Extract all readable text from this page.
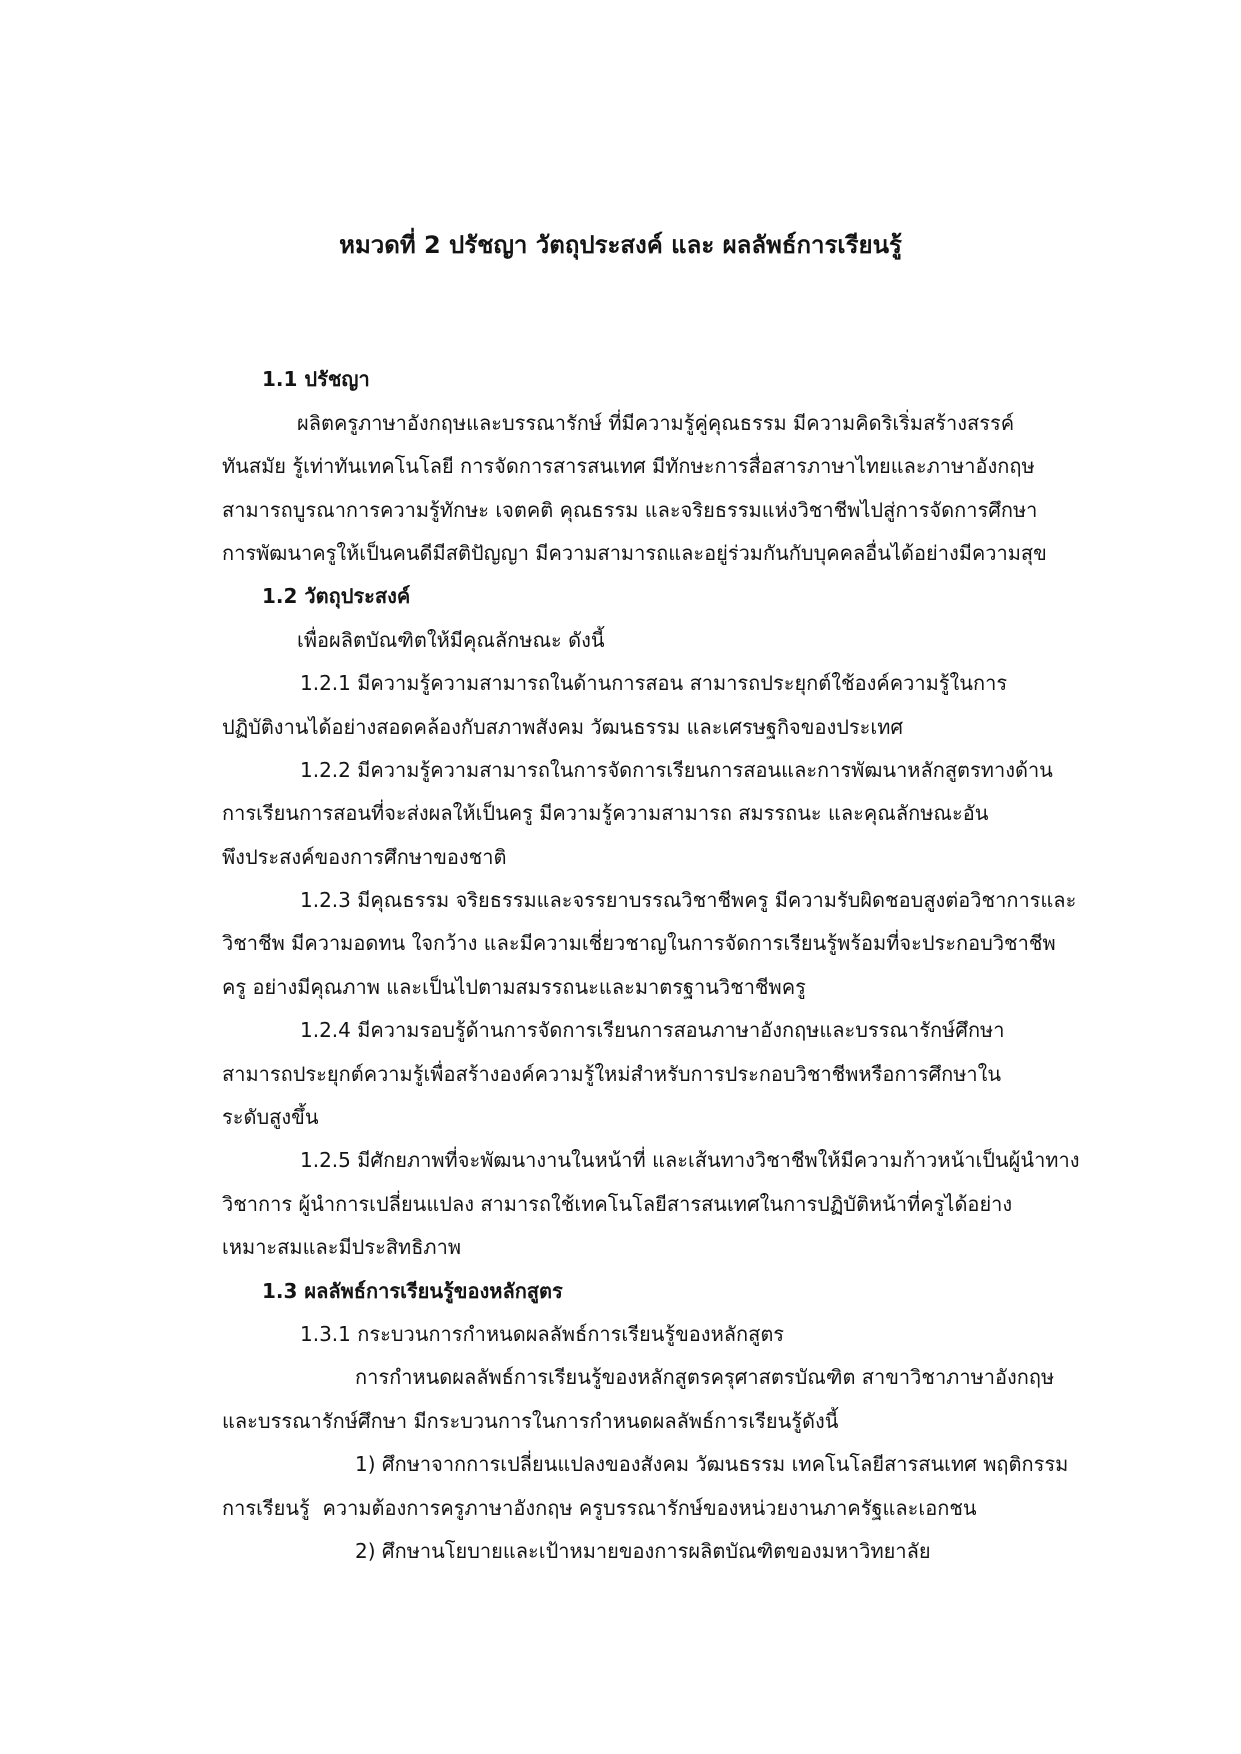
หมวดที่ 2 ปรัชญา วัตถุประสงค์ และ ผลลัพธ์การเรียนรู้

1.1 ปรัชญา
ผลิตครูภาษาอังกฤษและบรรณารักษ์ ที่มีความรู้คู่คุณธรรม มีความคิดริเริ่มสร้างสรรค์
ทันสมัย รู้เท่าทันเทคโนโลยี การจัดการสารสนเทศ มีทักษะการสื่อสารภาษาไทยและภาษาอังกฤษ
สามารถบูรณาการความรู้ทักษะ เจตคติ คุณธรรม และจริยธรรมแห่งวิชาชีพไปสู่การจัดการศึกษา
การพัฒนาครูให้เป็นคนดีมีสติปัญญา มีความสามารถและอยู่ร่วมกันกับบุคคลอื่นได้อย่างมีความสุข
1.2 วัตถุประสงค์
เพื่อผลิตบัณฑิตให้มีคุณลักษณะ ดังนี้
1.2.1 มีความรู้ความสามารถในด้านการสอน สามารถประยุกต์ใช้องค์ความรู้ในการ
ปฏิบัติงานได้อย่างสอดคล้องกับสภาพสังคม วัฒนธรรม และเศรษฐกิจของประเทศ
1.2.2 มีความรู้ความสามารถในการจัดการเรียนการสอนและการพัฒนาหลักสูตรทางด้าน
การเรียนการสอนที่จะส่งผลให้เป็นครู มีความรู้ความสามารถ สมรรถนะ และคุณลักษณะอัน
พึงประสงค์ของการศึกษาของชาติ
1.2.3 มีคุณธรรม จริยธรรมและจรรยาบรรณวิชาชีพครู มีความรับผิดชอบสูงต่อวิชาการและ
วิชาชีพ มีความอดทน ใจกว้าง และมีความเชี่ยวชาญในการจัดการเรียนรู้พร้อมที่จะประกอบวิชาชีพ
ครู อย่างมีคุณภาพ และเป็นไปตามสมรรถนะและมาตรฐานวิชาชีพครู
1.2.4 มีความรอบรู้ด้านการจัดการเรียนการสอนภาษาอังกฤษและบรรณารักษ์ศึกษา
สามารถประยุกต์ความรู้เพื่อสร้างองค์ความรู้ใหม่สำหรับการประกอบวิชาชีพหรือการศึกษาใน
ระดับสูงขึ้น
1.2.5 มีศักยภาพที่จะพัฒนางานในหน้าที่ และเส้นทางวิชาชีพให้มีความก้าวหน้าเป็นผู้นำทาง
วิชาการ ผู้นำการเปลี่ยนแปลง สามารถใช้เทคโนโลยีสารสนเทศในการปฏิบัติหน้าที่ครูได้อย่าง
เหมาะสมและมีประสิทธิภาพ
1.3 ผลลัพธ์การเรียนรู้ของหลักสูตร
1.3.1 กระบวนการกำหนดผลลัพธ์การเรียนรู้ของหลักสูตร
การกำหนดผลลัพธ์การเรียนรู้ของหลักสูตรครุศาสตรบัณฑิต สาขาวิชาภาษาอังกฤษ
และบรรณารักษ์ศึกษา มีกระบวนการในการกำหนดผลลัพธ์การเรียนรู้ดังนี้
1) ศึกษาจากการเปลี่ยนแปลงของสังคม วัฒนธรรม เทคโนโลยีสารสนเทศ พฤติกรรม
การเรียนรู้  ความต้องการครูภาษาอังกฤษ ครูบรรณารักษ์ของหน่วยงานภาครัฐและเอกชน
2) ศึกษานโยบายและเป้าหมายของการผลิตบัณฑิตของมหาวิทยาลัย
